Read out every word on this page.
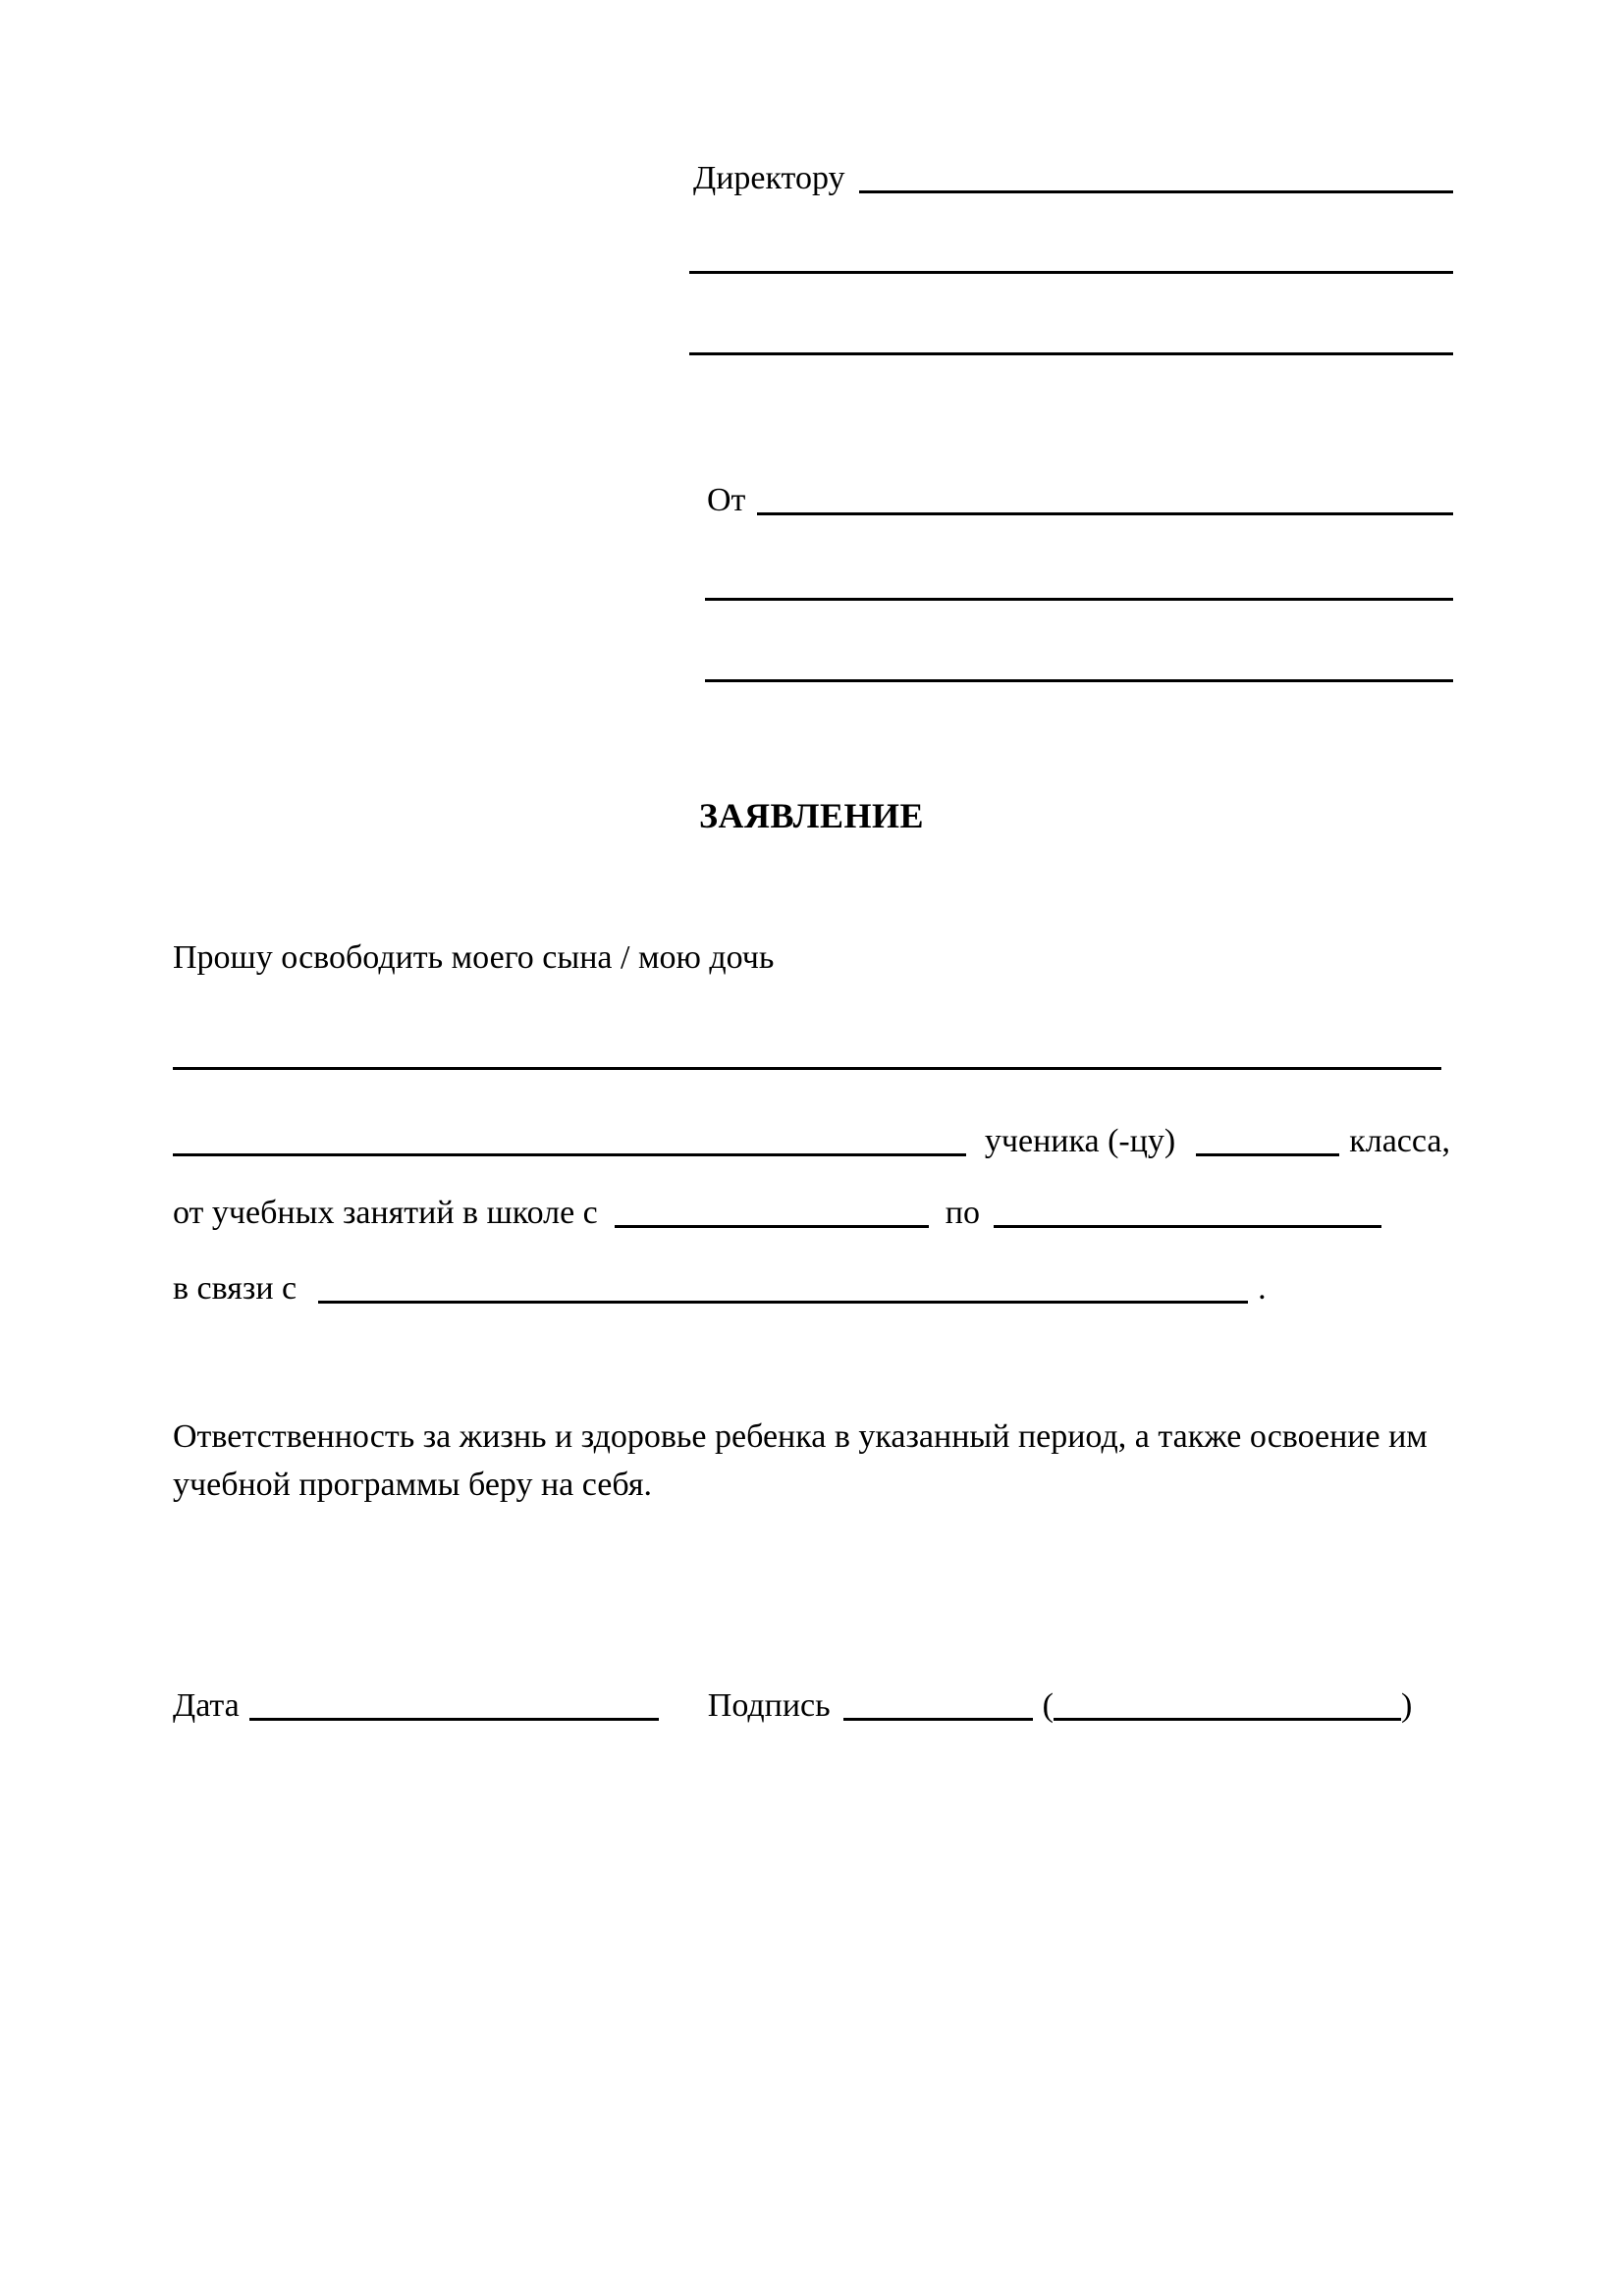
Директору
От
ЗАЯВЛЕНИЕ
Прошу освободить моего сына / мою дочь
ученика (-цу)	класса,
от учебных занятий в школе с	по
в связи с	.
Ответственность за жизнь и здоровье ребенка в указанный период, а также освоение им учебной программы беру на себя.
Дата	Подпись	(	)
